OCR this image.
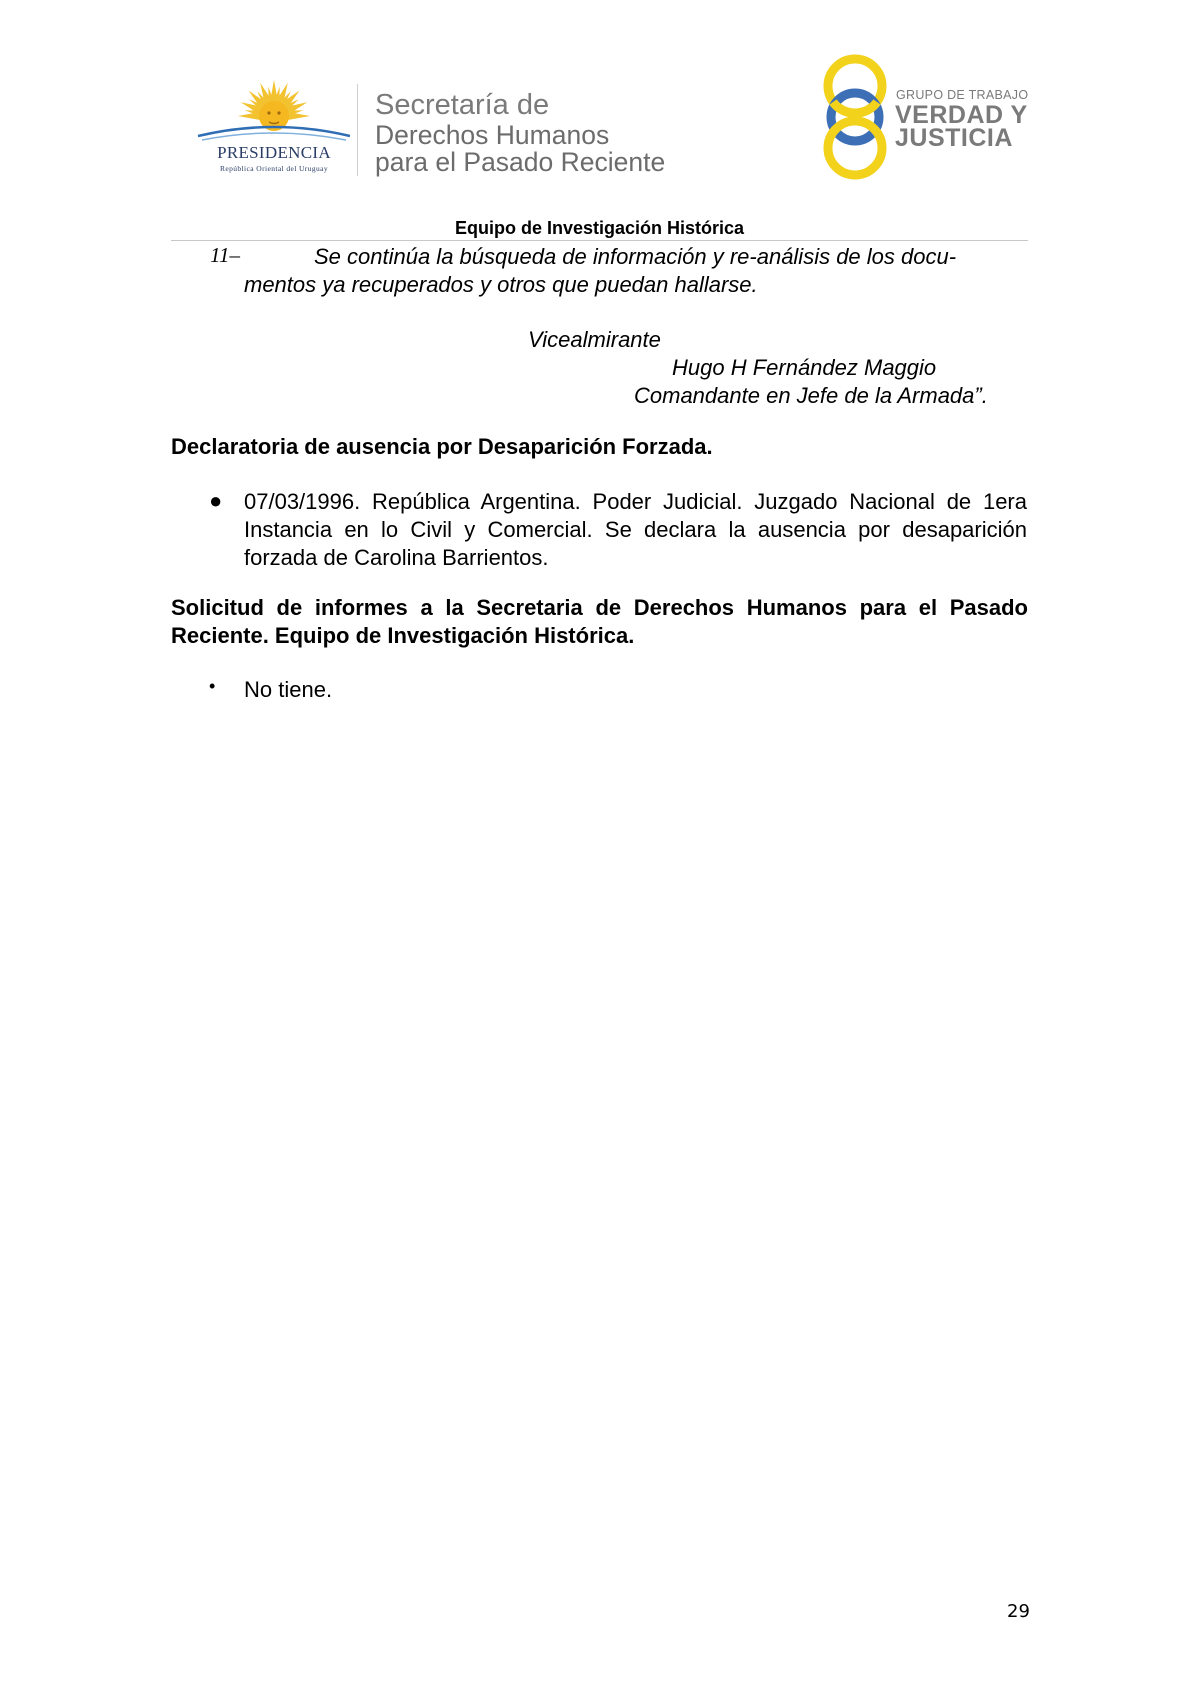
PRESIDENCIA
República Oriental del Uruguay
Secretaría de
Derechos Humanos
para el Pasado Reciente
GRUPO DE TRABAJO
VERDAD Y
JUSTICIA
Equipo de Investigación Histórica
11–	Se continúa la búsqueda de información y re-análisis de los docu-
mentos ya recuperados y otros que puedan hallarse.
Vicealmirante
Hugo H Fernández Maggio
Comandante en Jefe de la Armada”.
Declaratoria de ausencia por Desaparición Forzada.
● 07/03/1996. República Argentina. Poder Judicial. Juzgado Nacional de 1era Instancia en lo Civil y Comercial. Se declara la ausencia por desaparición forzada de Carolina Barrientos.
Solicitud de informes a la Secretaria de Derechos Humanos para el Pasado Reciente. Equipo de Investigación Histórica.
• No tiene.
29
